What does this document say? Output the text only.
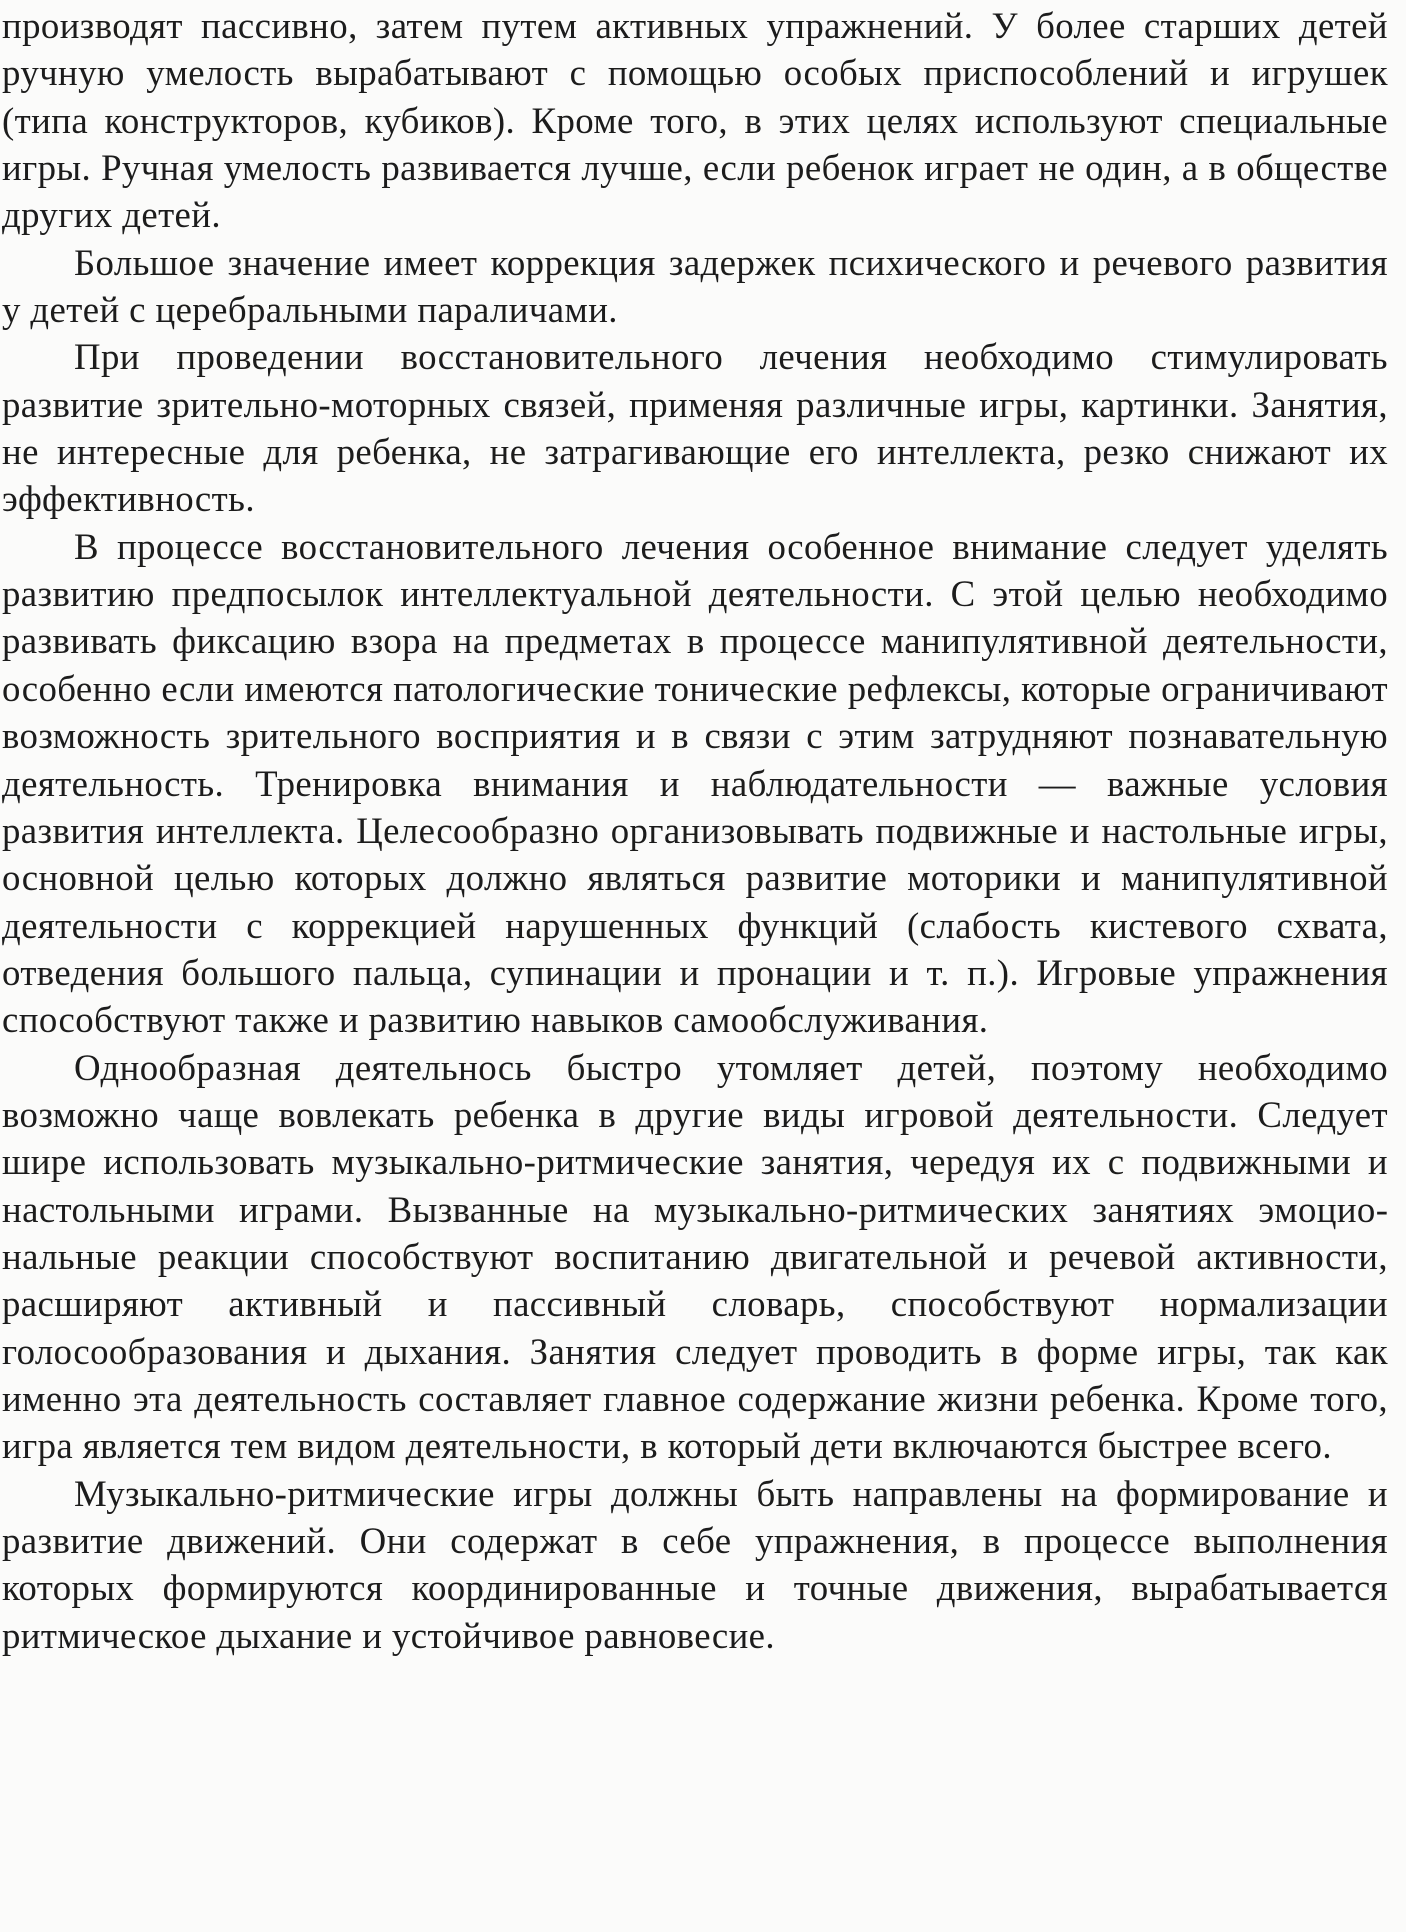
производят пассивно, затем путем активных упражнений. У более старших детей ручную умелость вырабатывают с помощью особых приспособлений и игрушек (типа конструкторов, кубиков). Кроме того, в этих целях используют специальные игры. Ручная умелость развивается лучше, если ребенок играет не один, а в обществе других детей.

Большое значение имеет коррекция задержек психического и речевого развития у детей с церебральными параличами.

При проведении восстановительного лечения необходимо стимулировать развитие зрительно-моторных связей, применяя различные игры, картинки. Занятия, не интересные для ребенка, не затрагивающие его интеллекта, резко снижают их эффективность.

В процессе восстановительного лечения особенное внимание следует уделять развитию предпосылок интеллектуальной деятельности. С этой целью необходимо развивать фиксацию взора на предметах в процессе манипулятивной деятельности, особенно если имеются патологические тонические рефлексы, которые ограничивают возможность зрительного восприятия и в связи с этим затрудняют познавательную деятельность. Тренировка внимания и наблюдательности — важные условия развития интеллекта. Целесообразно организовывать подвижные и настольные игры, основной целью которых должно являться развитие моторики и манипулятивной деятельности с коррекцией нарушенных функций (слабость кистевого схвата, отведения большого пальца, супинации и пронации и т. п.). Игровые упражнения способствуют также и развитию навыков самообслуживания.

Однообразная деятельнось быстро утомляет детей, поэтому необходимо возможно чаще вовлекать ребенка в другие виды игровой деятельности. Следует шире использовать музыкально-ритмические занятия, чередуя их с подвижными и настольными играми. Вызванные на музыкально-ритмических занятиях эмоциональные реакции способствуют воспитанию двигательной и речевой активности, расширяют активный и пассивный словарь, способствуют нормализации голосообразования и дыхания. Занятия следует проводить в форме игры, так как именно эта деятельность составляет главное содержание жизни ребенка. Кроме того, игра является тем видом деятельности, в который дети включаются быстрее всего.

Музыкально-ритмические игры должны быть направлены на формирование и развитие движений. Они содержат в себе упражнения, в процессе выполнения которых формируются координированные и точные движения, вырабатывается ритмическое дыхание и устойчивое равновесие.
